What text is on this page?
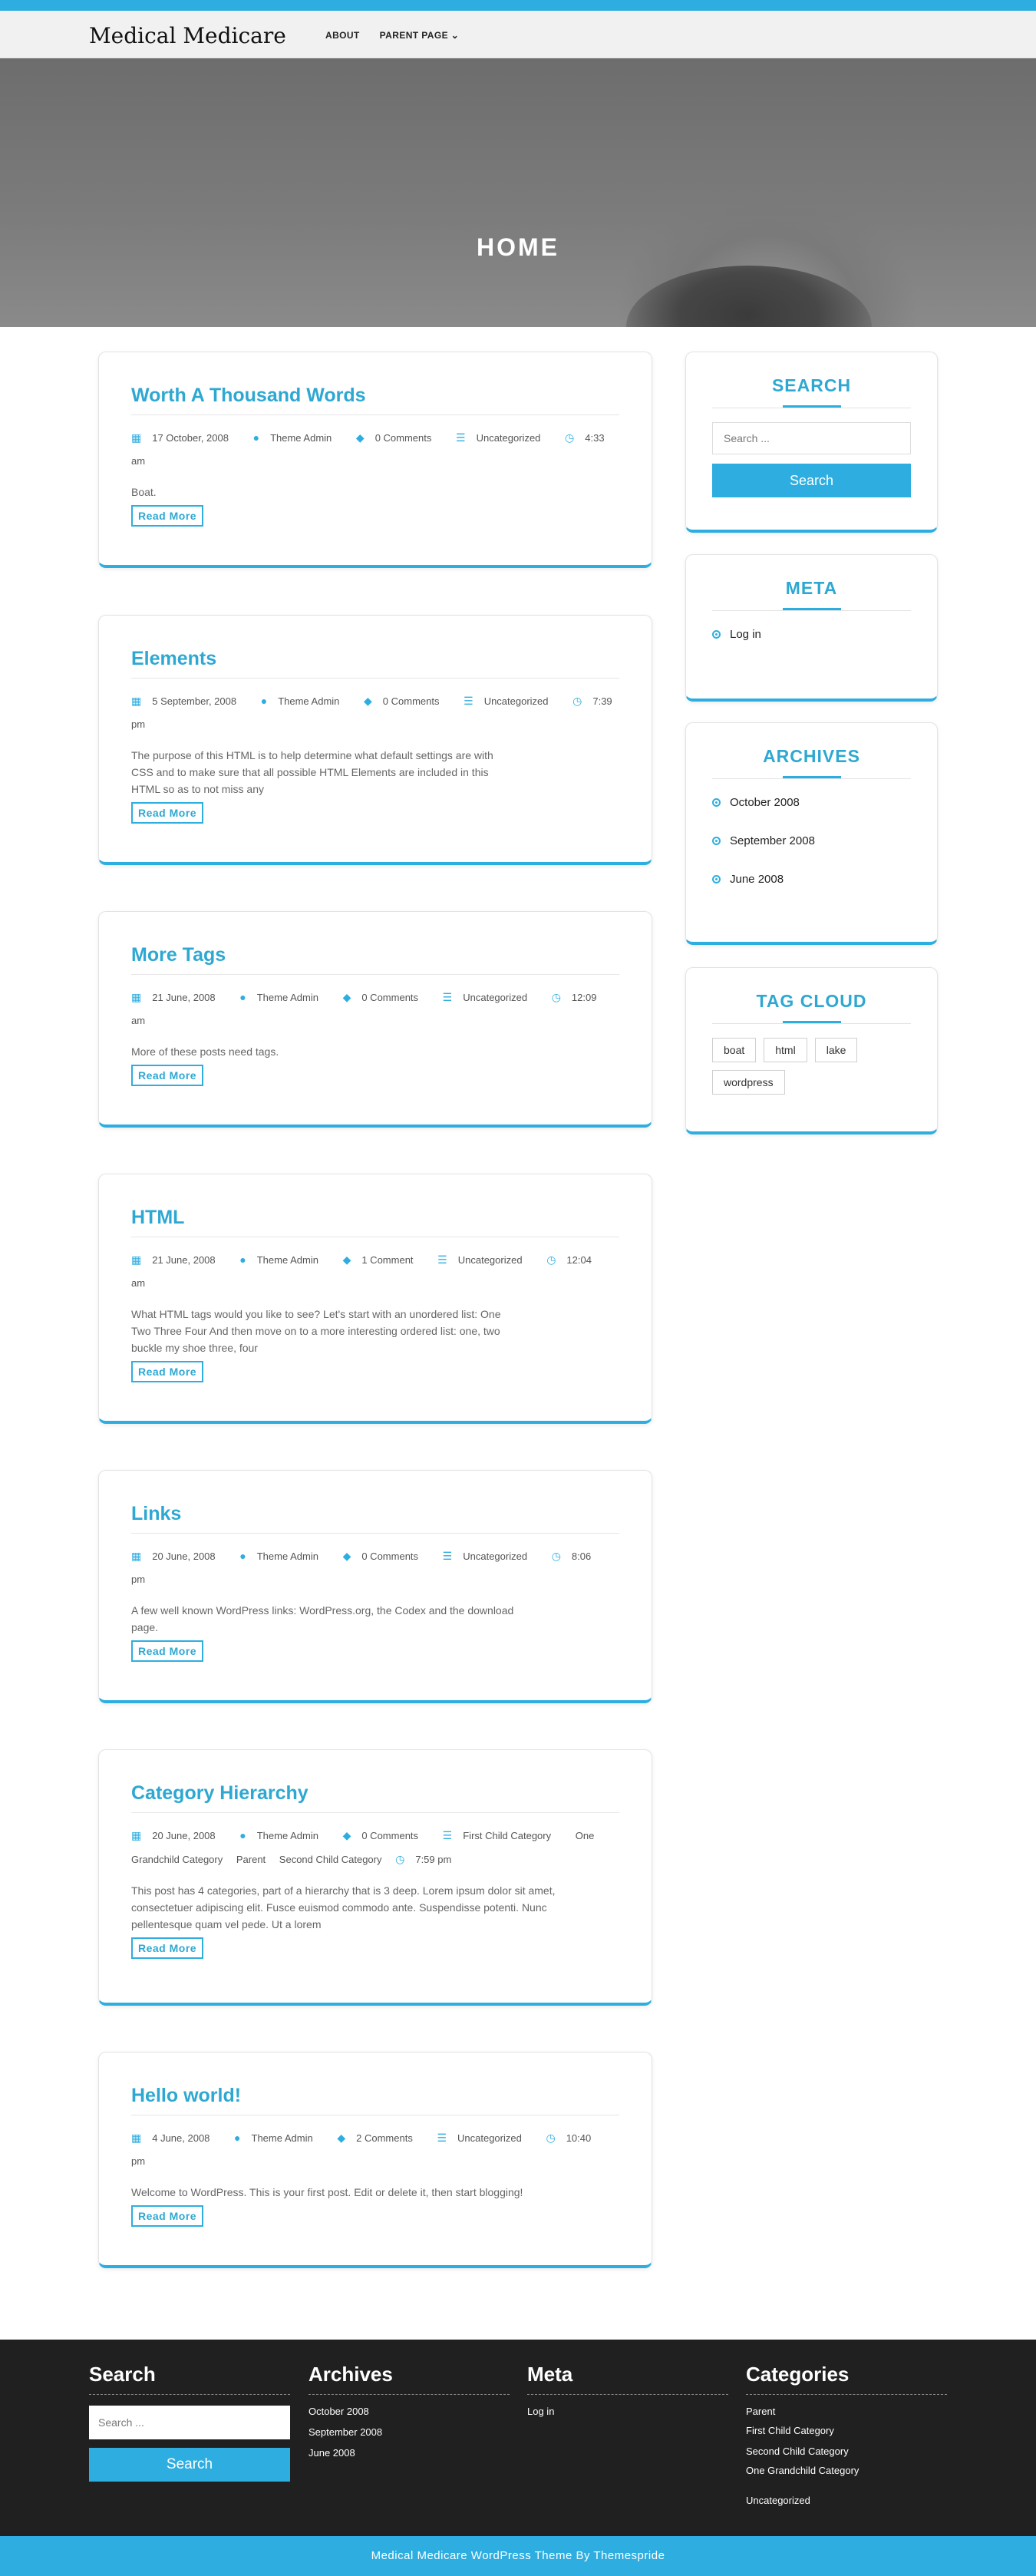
Medical Medicare	ABOUT PARENT PAGE ⌄
HOME
Worth A Thousand Words
▦ 17 October, 2008 ● Theme Admin ◆ 0 Comments ☰ Uncategorized ◷ 4:33 am
Boat.
Read More
Elements
▦ 5 September, 2008 ● Theme Admin ◆ 0 Comments ☰ Uncategorized ◷ 7:39 pm
The purpose of this HTML is to help determine what default settings are with CSS and to make sure that all possible HTML Elements are included in this HTML so as to not miss any
Read More
More Tags
▦ 21 June, 2008 ● Theme Admin ◆ 0 Comments ☰ Uncategorized ◷ 12:09 am
More of these posts need tags.
Read More
HTML
▦ 21 June, 2008 ● Theme Admin ◆ 1 Comment ☰ Uncategorized ◷ 12:04 am
What HTML tags would you like to see? Let's start with an unordered list: One Two Three Four And then move on to a more interesting ordered list: one, two buckle my shoe three, four
Read More
Links
▦ 20 June, 2008 ● Theme Admin ◆ 0 Comments ☰ Uncategorized ◷ 8:06 pm
A few well known WordPress links: WordPress.org, the Codex and the download page.
Read More
Category Hierarchy
▦ 20 June, 2008 ● Theme Admin ◆ 0 Comments ☰ First Child Category One Grandchild Category Parent Second Child Category ◷ 7:59 pm
This post has 4 categories, part of a hierarchy that is 3 deep. Lorem ipsum dolor sit amet, consectetuer adipiscing elit. Fusce euismod commodo ante. Suspendisse potenti. Nunc pellentesque quam vel pede. Ut a lorem
Read More
Hello world!
▦ 4 June, 2008 ● Theme Admin ◆ 2 Comments ☰ Uncategorized ◷ 10:40 pm
Welcome to WordPress. This is your first post. Edit or delete it, then start blogging!
Read More
SEARCH
Search ...
Search
META
Log in
ARCHIVES
October 2008
September 2008
June 2008
TAG CLOUD
boat	html	lake
wordpress
Search
Search ...
Search
Archives
October 2008
September 2008
June 2008
Meta
Log in
Categories
Parent
First Child Category
Second Child Category
One Grandchild Category
Uncategorized
Medical Medicare WordPress Theme By Themespride
